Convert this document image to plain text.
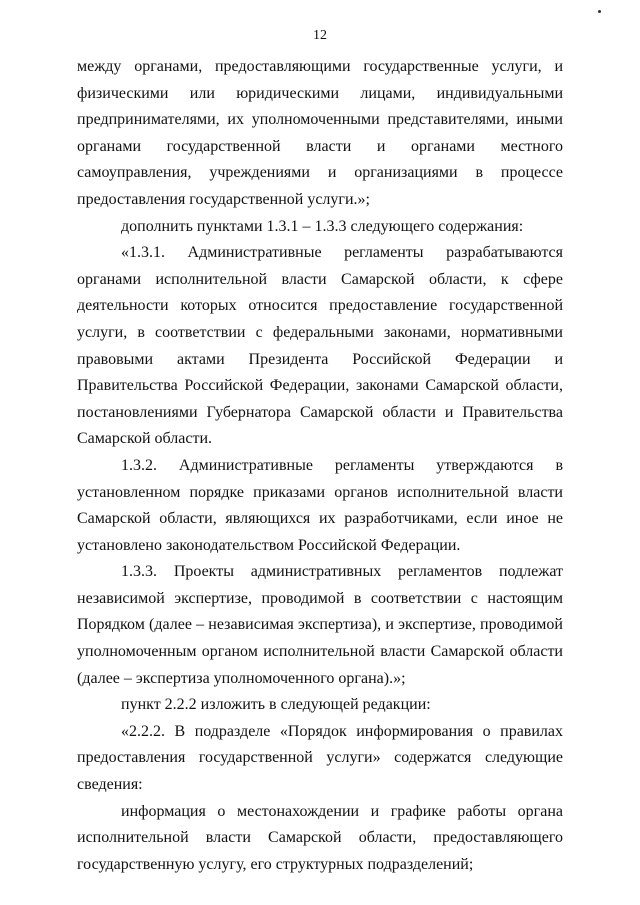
12

между органами, предоставляющими государственные услуги, и физическими или юридическими лицами, индивидуальными предпринимателями, их уполномоченными представителями, иными органами государственной власти и органами местного самоуправления, учреждениями и организациями в процессе предоставления государственной услуги.»;

дополнить пунктами 1.3.1 – 1.3.3 следующего содержания:

«1.3.1. Административные регламенты разрабатываются органами исполнительной власти Самарской области, к сфере деятельности которых относится предоставление государственной услуги, в соответствии с федеральными законами, нормативными правовыми актами Президента Российской Федерации и Правительства Российской Федерации, законами Самарской области, постановлениями Губернатора Самарской области и Правительства Самарской области.

1.3.2. Административные регламенты утверждаются в установленном порядке приказами органов исполнительной власти Самарской области, являющихся их разработчиками, если иное не установлено законодательством Российской Федерации.

1.3.3. Проекты административных регламентов подлежат независимой экспертизе, проводимой в соответствии с настоящим Порядком (далее – независимая экспертиза), и экспертизе, проводимой уполномоченным органом исполнительной власти Самарской области (далее – экспертиза уполномоченного органа).»;

пункт 2.2.2 изложить в следующей редакции:

«2.2.2. В подразделе «Порядок информирования о правилах предоставления государственной услуги» содержатся следующие сведения:

информация о местонахождении и графике работы органа исполнительной власти Самарской области, предоставляющего государственную услугу, его структурных подразделений;
